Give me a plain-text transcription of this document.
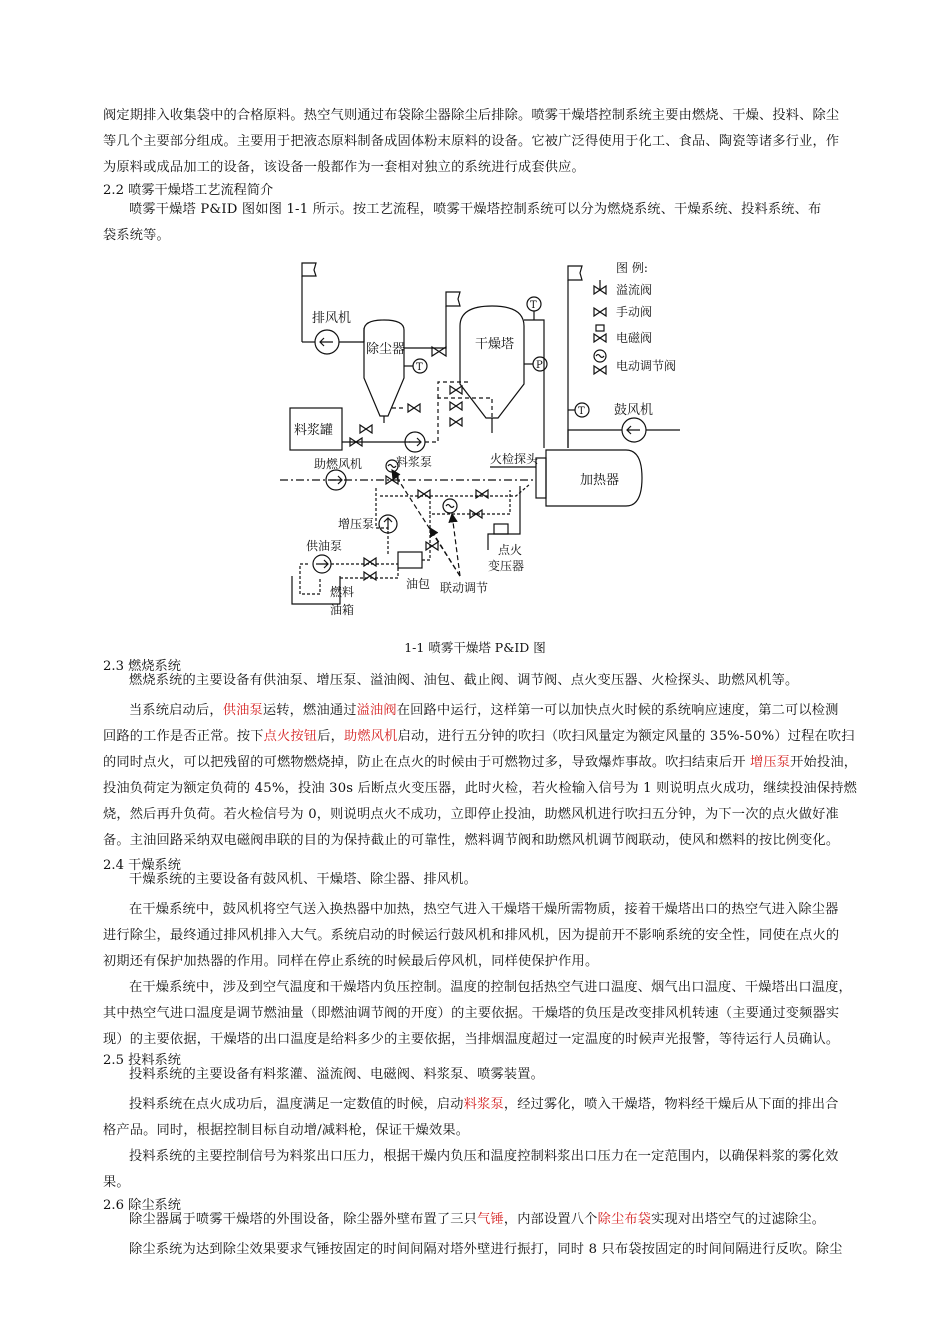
阀定期排入收集袋中的合格原料。热空气则通过布袋除尘器除尘后排除。喷雾干燥塔控制系统主要由燃烧、干燥、投料、除尘
等几个主要部分组成。主要用于把液态原料制备成固体粉末原料的设备。它被广泛得使用于化工、食品、陶瓷等诸多行业，作
为原料或成品加工的设备，该设备一般都作为一套相对独立的系统进行成套供应。
2.2 喷雾干燥塔工艺流程简介
喷雾干燥塔 P&ID 图如图 1-1 所示。按工艺流程，喷雾干燥塔控制系统可以分为燃烧系统、干燥系统、投料系统、布
袋系统等。
排风机
除尘器
T
T
P
T
干燥塔
图 例:
溢流阀
手动阀
电磁阀
电动调节阀
料浆罐
料浆泵
鼓风机
加热器
火检探头
助燃风机
增压泵
油包
供油泵
燃料
油箱
点火
变压器
联动调节
1-1 喷雾干燥塔 P&ID 图
2.3 燃烧系统
燃烧系统的主要设备有供油泵、增压泵、溢油阀、油包、截止阀、调节阀、点火变压器、火检探头、助燃风机等。
当系统启动后，供油泵运转，燃油通过溢油阀在回路中运行，这样第一可以加快点火时候的系统响应速度，第二可以检测
回路的工作是否正常。按下点火按钮后，助燃风机启动，进行五分钟的吹扫（吹扫风量定为额定风量的 35%-50%）过程在吹扫
的同时点火，可以把残留的可燃物燃烧掉，防止在点火的时候由于可燃物过多，导致爆炸事故。吹扫结束后开 增压泵开始投油，
投油负荷定为额定负荷的 45%，投油 30s 后断点火变压器，此时火检，若火检输入信号为 1 则说明点火成功，继续投油保持燃
烧，然后再升负荷。若火检信号为 0，则说明点火不成功，立即停止投油，助燃风机进行吹扫五分钟，为下一次的点火做好准
备。主油回路采纳双电磁阀串联的目的为保持截止的可靠性，燃料调节阀和助燃风机调节阀联动，使风和燃料的按比例变化。
2.4 干燥系统
干燥系统的主要设备有鼓风机、干燥塔、除尘器、排风机。
在干燥系统中，鼓风机将空气送入换热器中加热，热空气进入干燥塔干燥所需物质，接着干燥塔出口的热空气进入除尘器
进行除尘，最终通过排风机排入大气。系统启动的时候运行鼓风机和排风机，因为提前开不影响系统的安全性，同使在点火的
初期还有保护加热器的作用。同样在停止系统的时候最后停风机，同样使保护作用。
在干燥系统中，涉及到空气温度和干燥塔内负压控制。温度的控制包括热空气进口温度、烟气出口温度、干燥塔出口温度，
其中热空气进口温度是调节燃油量（即燃油调节阀的开度）的主要依据。干燥塔的负压是改变排风机转速（主要通过变频器实
现）的主要依据，干燥塔的出口温度是给料多少的主要依据，当排烟温度超过一定温度的时候声光报警，等待运行人员确认。
2.5 投料系统
投料系统的主要设备有料浆灌、溢流阀、电磁阀、料浆泵、喷雾装置。
投料系统在点火成功后，温度满足一定数值的时候，启动料浆泵，经过雾化，喷入干燥塔，物料经干燥后从下面的排出合
格产品。同时，根据控制目标自动增/减料枪，保证干燥效果。
投料系统的主要控制信号为料浆出口压力，根据干燥内负压和温度控制料浆出口压力在一定范围内，以确保料浆的雾化效
果。
2.6 除尘系统
除尘器属于喷雾干燥塔的外围设备，除尘器外壁布置了三只气锤，内部设置八个除尘布袋实现对出塔空气的过滤除尘。
除尘系统为达到除尘效果要求气锤按固定的时间间隔对塔外壁进行振打，同时 8 只布袋按固定的时间间隔进行反吹。除尘
